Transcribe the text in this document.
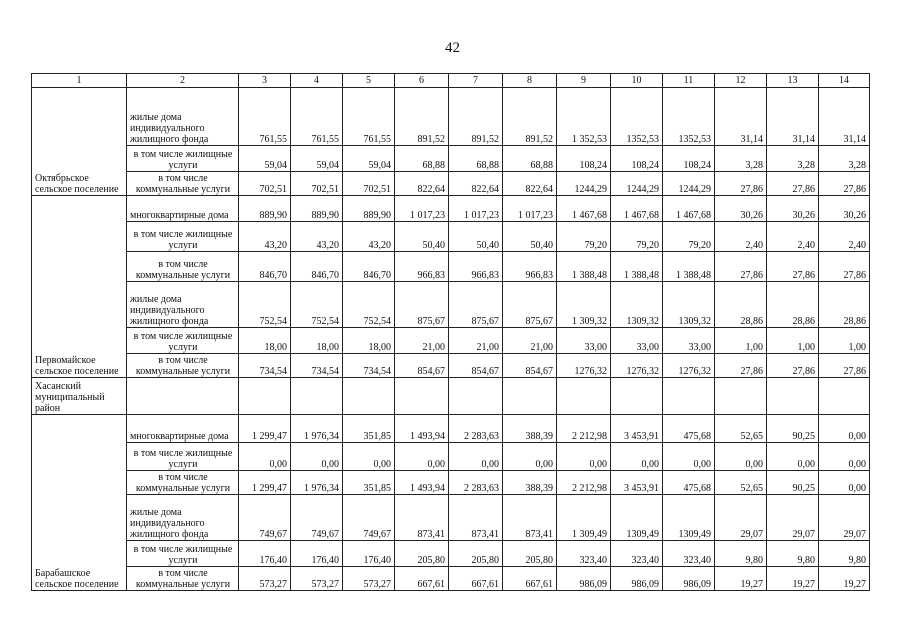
42
1	2	3	4	5	6	7	8	9	10	11	12	13	14
Октябрьское сельское поселение	жилые дома индивидуального жилищного фонда	761,55	761,55	761,55	891,52	891,52	891,52	1 352,53	1352,53	1352,53	31,14	31,14	31,14
	в том числе жилищные услуги	59,04	59,04	59,04	68,88	68,88	68,88	108,24	108,24	108,24	3,28	3,28	3,28
	в том числе коммунальные услуги	702,51	702,51	702,51	822,64	822,64	822,64	1244,29	1244,29	1244,29	27,86	27,86	27,86
Первомайское сельское поселение	многоквартирные дома	889,90	889,90	889,90	1 017,23	1 017,23	1 017,23	1 467,68	1 467,68	1 467,68	30,26	30,26	30,26
	в том числе жилищные услуги	43,20	43,20	43,20	50,40	50,40	50,40	79,20	79,20	79,20	2,40	2,40	2,40
	в том числе коммунальные услуги	846,70	846,70	846,70	966,83	966,83	966,83	1 388,48	1 388,48	1 388,48	27,86	27,86	27,86
	жилые дома индивидуального жилищного фонда	752,54	752,54	752,54	875,67	875,67	875,67	1 309,32	1309,32	1309,32	28,86	28,86	28,86
	в том числе жилищные услуги	18,00	18,00	18,00	21,00	21,00	21,00	33,00	33,00	33,00	1,00	1,00	1,00
	в том числе коммунальные услуги	734,54	734,54	734,54	854,67	854,67	854,67	1276,32	1276,32	1276,32	27,86	27,86	27,86
Хасанский муниципальный район													
Барабашское сельское поселение	многоквартирные дома	1 299,47	1 976,34	351,85	1 493,94	2 283,63	388,39	2 212,98	3 453,91	475,68	52,65	90,25	0,00
	в том числе жилищные услуги	0,00	0,00	0,00	0,00	0,00	0,00	0,00	0,00	0,00	0,00	0,00	0,00
	в том числе коммунальные услуги	1 299,47	1 976,34	351,85	1 493,94	2 283,63	388,39	2 212,98	3 453,91	475,68	52,65	90,25	0,00
	жилые дома индивидуального жилищного фонда	749,67	749,67	749,67	873,41	873,41	873,41	1 309,49	1309,49	1309,49	29,07	29,07	29,07
	в том числе жилищные услуги	176,40	176,40	176,40	205,80	205,80	205,80	323,40	323,40	323,40	9,80	9,80	9,80
	в том числе коммунальные услуги	573,27	573,27	573,27	667,61	667,61	667,61	986,09	986,09	986,09	19,27	19,27	19,27
